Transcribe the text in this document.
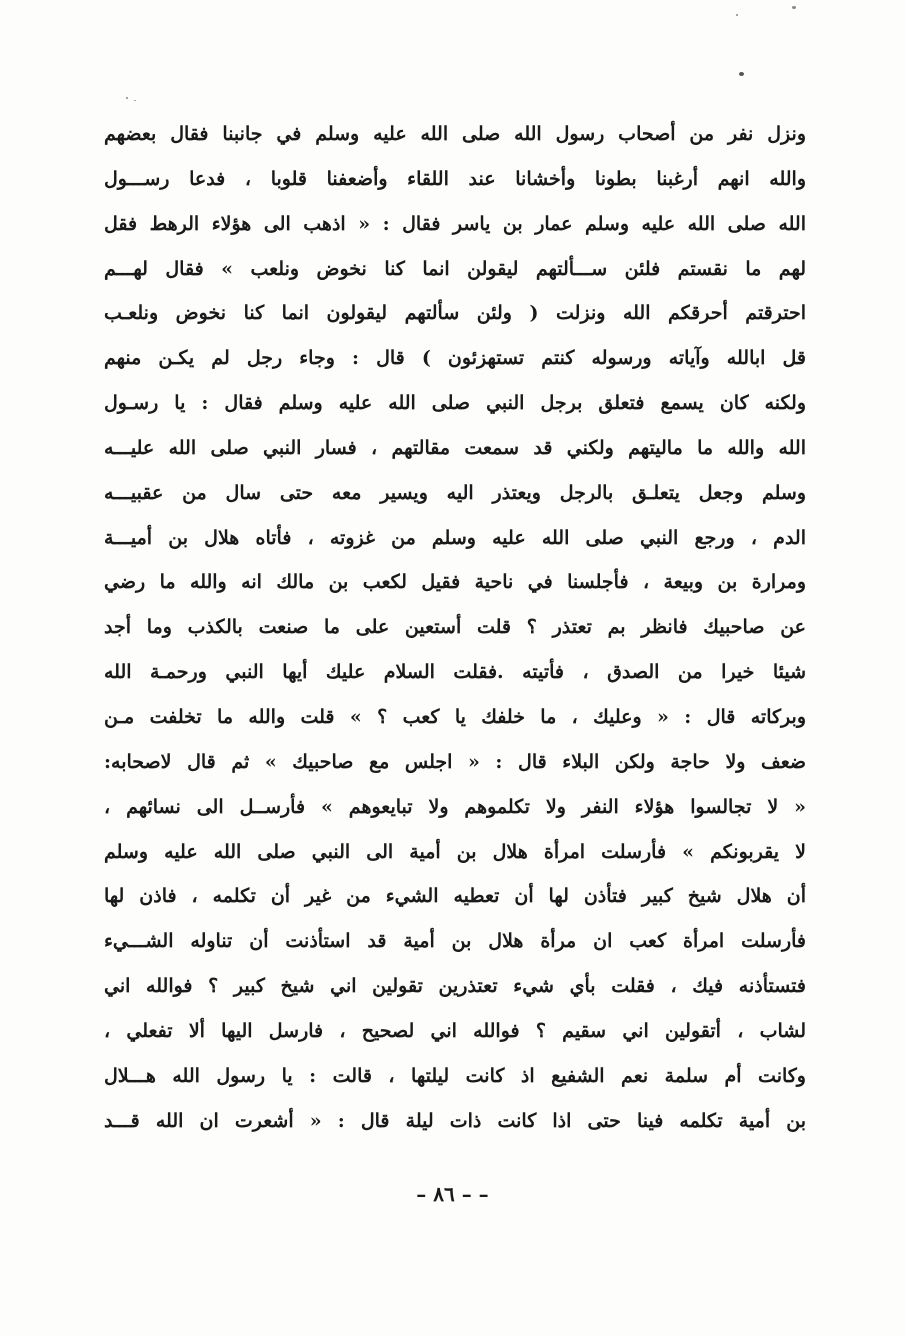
ونزل نفر من أصحاب رسول الله صلى الله عليه وسلم في جانبنا فقال بعضهم
والله انهم أرغبنا بطونا وأخشانا عند اللقاء وأضعفنا قلوبا ، فدعا رســـول
الله صلى الله عليه وسلم عمار بن ياسر فقال : « اذهب الى هؤلاء الرهط فقل
لهم ما نقستم فلئن ســـألتهم ليقولن انما كنا نخوض ونلعب » فقال لهـــم
احترقتم أحرقكم الله ونزلت ( ولئن سألتهم ليقولون انما كنا نخوض ونلعـب
قل ابالله وآياته ورسوله كنتم تستهزئون ) قال : وجاء رجل لم يكـن منهم
ولكنه كان يسمع فتعلق برجل النبي صلى الله عليه وسلم فقال : يا رسـول
الله والله ما ماليتهم ولكني قد سمعت مقالتهم ، فسار النبي صلى الله عليـــه
وسلم وجعل يتعلـق بالرجل ويعتذر اليه ويسير معه حتى سال من عقبيـــه
الدم ، ورجع النبي صلى الله عليه وسلم من غزوته ، فأتاه هلال بن أميـــة
ومرارة بن وبيعة ، فأجلسنا في ناحية فقيل لكعب بن مالك انه والله ما رضي
عن صاحبيك فانظر بم تعتذر ؟ قلت أستعين على ما صنعت بالكذب وما أجد
شيئا خيرا من الصدق ، فأتيته .فقلت السلام عليك أيها النبي ورحمـة الله
وبركاته قال : « وعليك ، ما خلفك يا كعب ؟ » قلت والله ما تخلفت مـن
ضعف ولا حاجة ولكن البلاء قال : « اجلس مع صاحبيك » ثم قال لاصحابه:
« لا تجالسوا هؤلاء النفر ولا تكلموهم ولا تبايعوهم » فأرســل الى نسائهم ،
لا يقربونكم » فأرسلت امرأة هلال بن أمية الى النبي صلى الله عليه وسلم
أن هلال شيخ كبير فتأذن لها أن تعطيه الشيء من غير أن تكلمه ، فاذن لها
فأرسلت امرأة كعب ان مرأة هلال بن أمية قد استأذنت أن تناوله الشـــيء
فتستأذنه فيك ، فقلت بأي شيء تعتذرين تقولين اني شيخ كبير ؟ فوالله اني
لشاب ، أتقولين اني سقيم ؟ فوالله اني لصحيح ، فارسل اليها ألا تفعلي ،
وكانت أم سلمة نعم الشفيع اذ كانت ليلتها ، قالت : يا رسول الله هـــلال
بن أمية تكلمه فينا حتى اذا كانت ذات ليلة قال : « أشعرت ان الله قـــد
– – ٨٦ –
